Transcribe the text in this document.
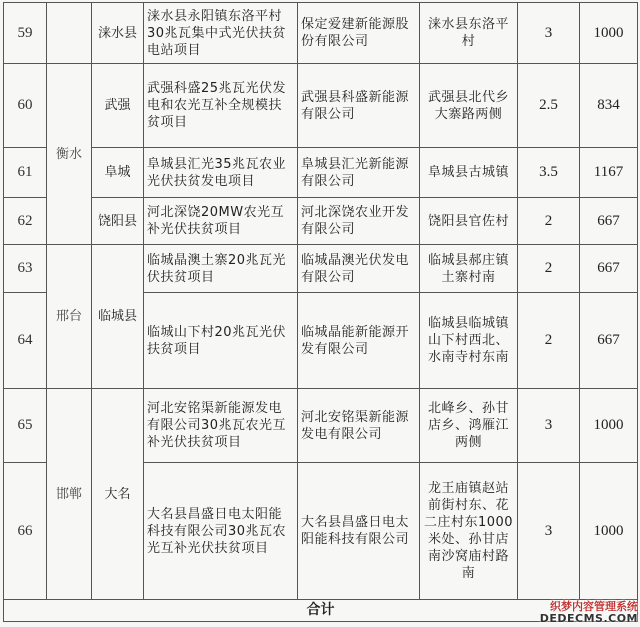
59		涞水县	涞水县永阳镇东洛平村30兆瓦集中式光伏扶贫电站项目	保定爱建新能源股份有限公司	涞水县东洛平村	3	1000
60	衡水	武强	武强科盛25兆瓦光伏发电和农光互补全规模扶贫项目	武强县科盛新能源有限公司	武强县北代乡大寨路两侧	2.5	834
61		阜城	阜城县汇光35兆瓦农业光伏扶贫发电项目	阜城县汇光新能源有限公司	阜城县古城镇	3.5	1167
62		饶阳县	河北深饶20MW农光互补光伏扶贫项目	河北深饶农业开发有限公司	饶阳县官佐村	2	667
63	邢台	临城县	临城晶澳土寨20兆瓦光伏扶贫项目	临城晶澳光伏发电有限公司	临城县郝庄镇土寨村南	2	667
64			临城山下村20兆瓦光伏扶贫项目	临城晶能新能源开发有限公司	临城县临城镇山下村西北、水南寺村东南	2	667
65	邯郸	大名	河北安铭渠新能源发电有限公司30兆瓦农光互补光伏扶贫项目	河北安铭渠新能源发电有限公司	北峰乡、孙甘店乡、鸿雁江两侧	3	1000
66			大名县昌盛日电太阳能科技有限公司30兆瓦农光互补光伏扶贫项目	大名县昌盛日电太阳能科技有限公司	龙王庙镇赵站前街村东、花二庄村东1000米处、孙甘店南沙窝庙村路南	3	1000
合计								织梦内容管理系统
DEDECMS.COM
